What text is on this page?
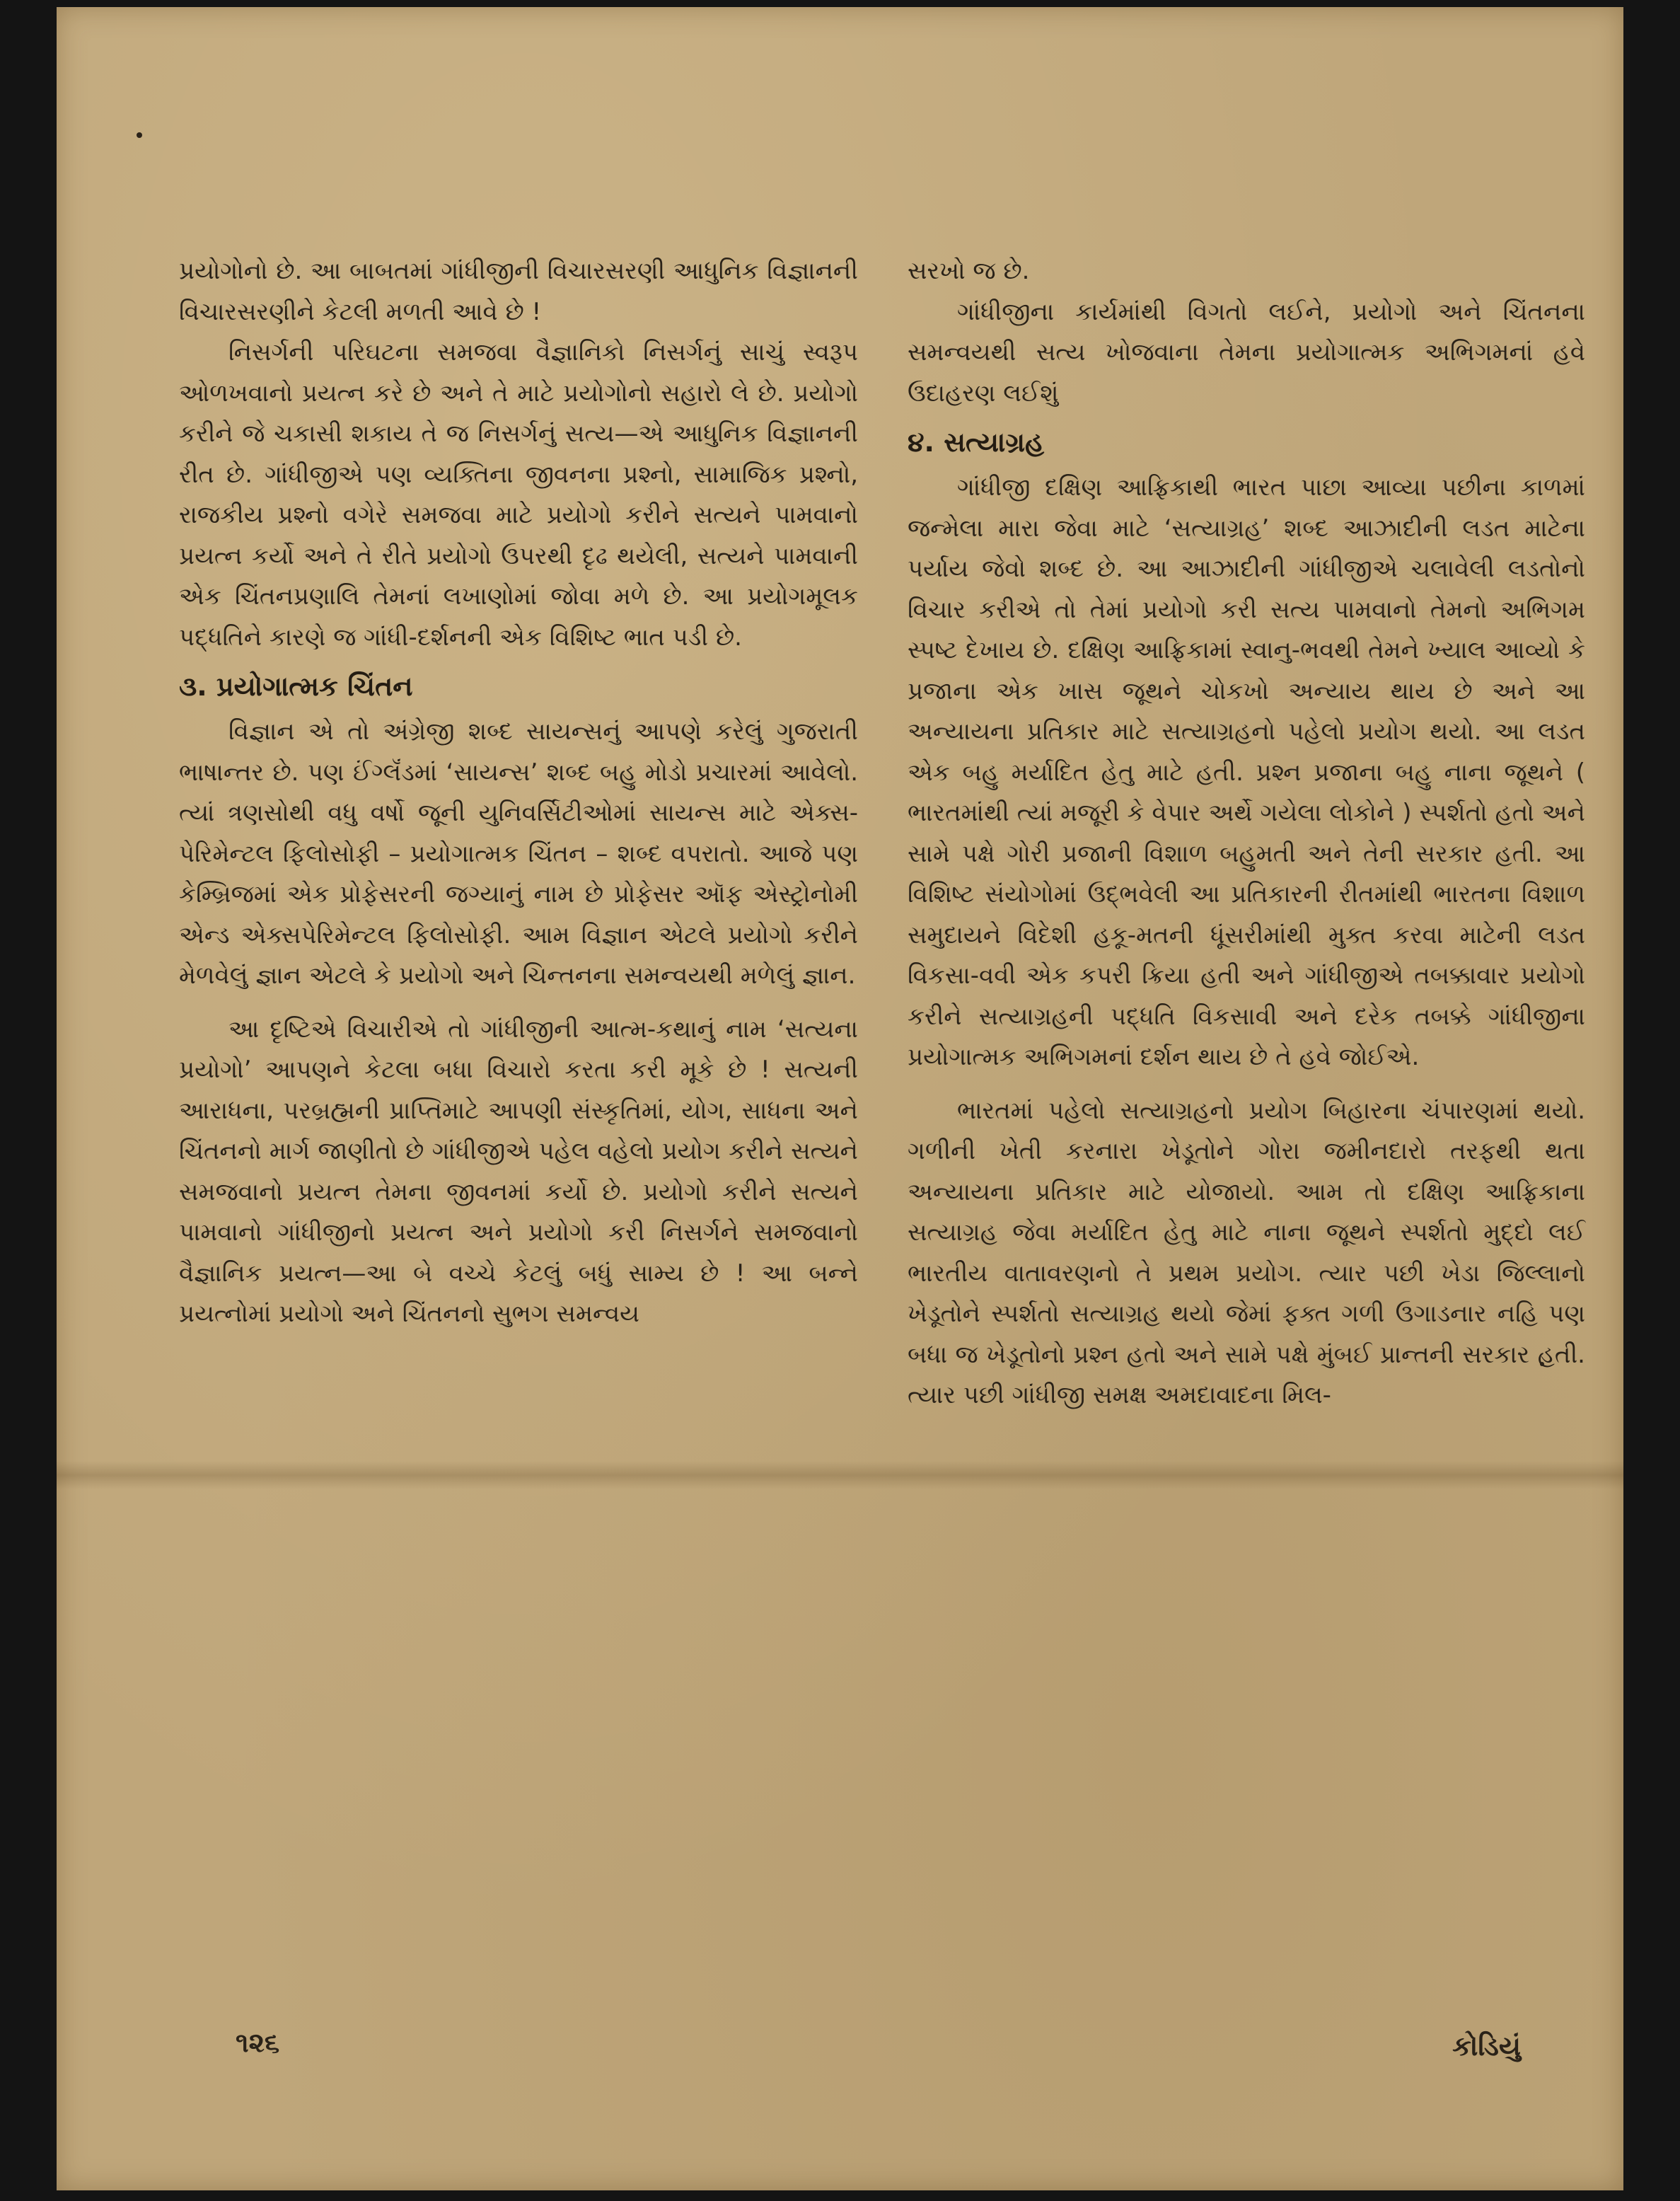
પ્રયોગોનો છે. આ બાબતમાં ગાંધીજીની વિચારસરણી આધુનિક વિજ્ઞાનની વિચારસરણીને કેટલી મળતી આવે છે !

નિસર્ગની પરિઘટના સમજવા વૈજ્ઞાનિકો નિસર્ગનું સાચું સ્વરૂપ ઓળખવાનો પ્રયત્ન કરે છે અને તે માટે પ્રયોગોનો સહારો લે છે. પ્રયોગો કરીને જે ચકાસી શકાય તે જ નિસર્ગનું સત્ય—એ આધુનિક વિજ્ઞાનની રીત છે. ગાંધીજીએ પણ વ્યક્તિના જીવનના પ્રશ્નો, સામાજિક પ્રશ્નો, રાજકીય પ્રશ્નો વગેરે સમજવા માટે પ્રયોગો કરીને સત્યને પામવાનો પ્રયત્ન કર્યો અને તે રીતે પ્રયોગો ઉપરથી દૃઢ થયેલી, સત્યને પામવાની એક ચિંતનપ્રણાલિ તેમનાં લખાણોમાં જોવા મળે છે. આ પ્રયોગમૂલક પદ્ધતિને કારણે જ ગાંધી-દર્શનની એક વિશિષ્ટ ભાત પડી છે.

૩. પ્રયોગાત્મક ચિંતન

વિજ્ઞાન એ તો અંગ્રેજી શબ્દ સાયન્સનું આપણે કરેલું ગુજરાતી ભાષાન્તર છે. પણ ઈંગ્લૅંડમાં ‘સાયન્સ’ શબ્દ બહુ મોડો પ્રચારમાં આવેલો. ત્યાં ત્રણસોથી વધુ વર્ષો જૂની યુનિવર્સિટીઓમાં સાયન્સ માટે એક્સ-પેરિમેન્ટલ ફિલોસોફી – પ્રયોગાત્મક ચિંતન – શબ્દ વપરાતો. આજે પણ કેમ્બ્રિજમાં એક પ્રોફેસરની જગ્યાનું નામ છે પ્રોફેસર ઑફ એસ્ટ્રોનોમી એન્ડ એક્સપેરિમેન્ટલ ફિલોસોફી. આમ વિજ્ઞાન એટલે પ્રયોગો કરીને મેળવેલું જ્ઞાન એટલે કે પ્રયોગો અને ચિન્તનના સમન્વયથી મળેલું જ્ઞાન.

આ દૃષ્ટિએ વિચારીએ તો ગાંધીજીની આત્મ-કથાનું નામ ‘સત્યના પ્રયોગો’ આપણને કેટલા બધા વિચારો કરતા કરી મૂકે છે ! સત્યની આરાધના, પરબ્રહ્મની પ્રાપ્તિમાટે આપણી સંસ્કૃતિમાં, યોગ, સાધના અને ચિંતનનો માર્ગ જાણીતો છે ગાંધીજીએ પહેલ વહેલો પ્રયોગ કરીને સત્યને સમજવાનો પ્રયત્ન તેમના જીવનમાં કર્યો છે. પ્રયોગો કરીને સત્યને પામવાનો ગાંધીજીનો પ્રયત્ન અને પ્રયોગો કરી નિસર્ગને સમજવાનો વૈજ્ઞાનિક પ્રયત્ન—આ બે વચ્ચે કેટલું બધું સામ્ય છે ! આ બન્ને પ્રયત્નોમાં પ્રયોગો અને ચિંતનનો સુભગ સમન્વય

સરખો જ છે.

ગાંધીજીના કાર્યમાંથી વિગતો લઈને, પ્રયોગો અને ચિંતનના સમન્વયથી સત્ય ખોજવાના તેમના પ્રયોગાત્મક અભિગમનાં હવે ઉદાહરણ લઈશું

૪. સત્યાગ્રહ

ગાંધીજી દક્ષિણ આફ્રિકાથી ભારત પાછા આવ્યા પછીના કાળમાં જન્મેલા મારા જેવા માટે ‘સત્યાગ્રહ’ શબ્દ આઝાદીની લડત માટેના પર્યાય જેવો શબ્દ છે. આ આઝાદીની ગાંધીજીએ ચલાવેલી લડતોનો વિચાર કરીએ તો તેમાં પ્રયોગો કરી સત્ય પામવાનો તેમનો અભિગમ સ્પષ્ટ દેખાય છે. દક્ષિણ આફ્રિકામાં સ્વાનુ-ભવથી તેમને ખ્યાલ આવ્યો કે પ્રજાના એક ખાસ જૂથને ચોકખો અન્યાય થાય છે અને આ અન્યાયના પ્રતિકાર માટે સત્યાગ્રહનો પહેલો પ્રયોગ થયો. આ લડત એક બહુ મર્યાદિત હેતુ માટે હતી. પ્રશ્ન પ્રજાના બહુ નાના જૂથને ( ભારતમાંથી ત્યાં મજૂરી કે વેપાર અર્થે ગયેલા લોકોને ) સ્પર્શતો હતો અને સામે પક્ષે ગોરી પ્રજાની વિશાળ બહુમતી અને તેની સરકાર હતી. આ વિશિષ્ટ સંયોગોમાં ઉદ્‌ભવેલી આ પ્રતિકારની રીતમાંથી ભારતના વિશાળ સમુદાયને વિદેશી હકૂ-મતની ધૂંસરીમાંથી મુક્ત કરવા માટેની લડત વિકસા-વવી એક કપરી ક્રિયા હતી અને ગાંધીજીએ તબક્કાવાર પ્રયોગો કરીને સત્યાગ્રહની પદ્ધતિ વિકસાવી અને દરેક તબક્કે ગાંધીજીના પ્રયોગાત્મક અભિગમનાં દર્શન થાય છે તે હવે જોઈએ.

ભારતમાં પહેલો સત્યાગ્રહનો પ્રયોગ બિહારના ચંપારણમાં થયો. ગળીની ખેતી કરનારા ખેડૂતોને ગોરા જમીનદારો તરફથી થતા અન્યાયના પ્રતિકાર માટે યોજાયો. આમ તો દક્ષિણ આફ્રિકાના સત્યાગ્રહ જેવા મર્યાદિત હેતુ માટે નાના જૂથને સ્પર્શતો મુદ્દો લઈ ભારતીય વાતાવરણનો તે પ્રથમ પ્રયોગ. ત્યાર પછી ખેડા જિલ્લાનો ખેડૂતોને સ્પર્શતો સત્યાગ્રહ થયો જેમાં ફક્ત ગળી ઉગાડનાર નહિ પણ બધા જ ખેડૂતોનો પ્રશ્ન હતો અને સામે પક્ષે મુંબઈ પ્રાન્તની સરકાર હતી. ત્યાર પછી ગાંધીજી સમક્ષ અમદાવાદના મિલ-

૧૨૬	કોડિયું
